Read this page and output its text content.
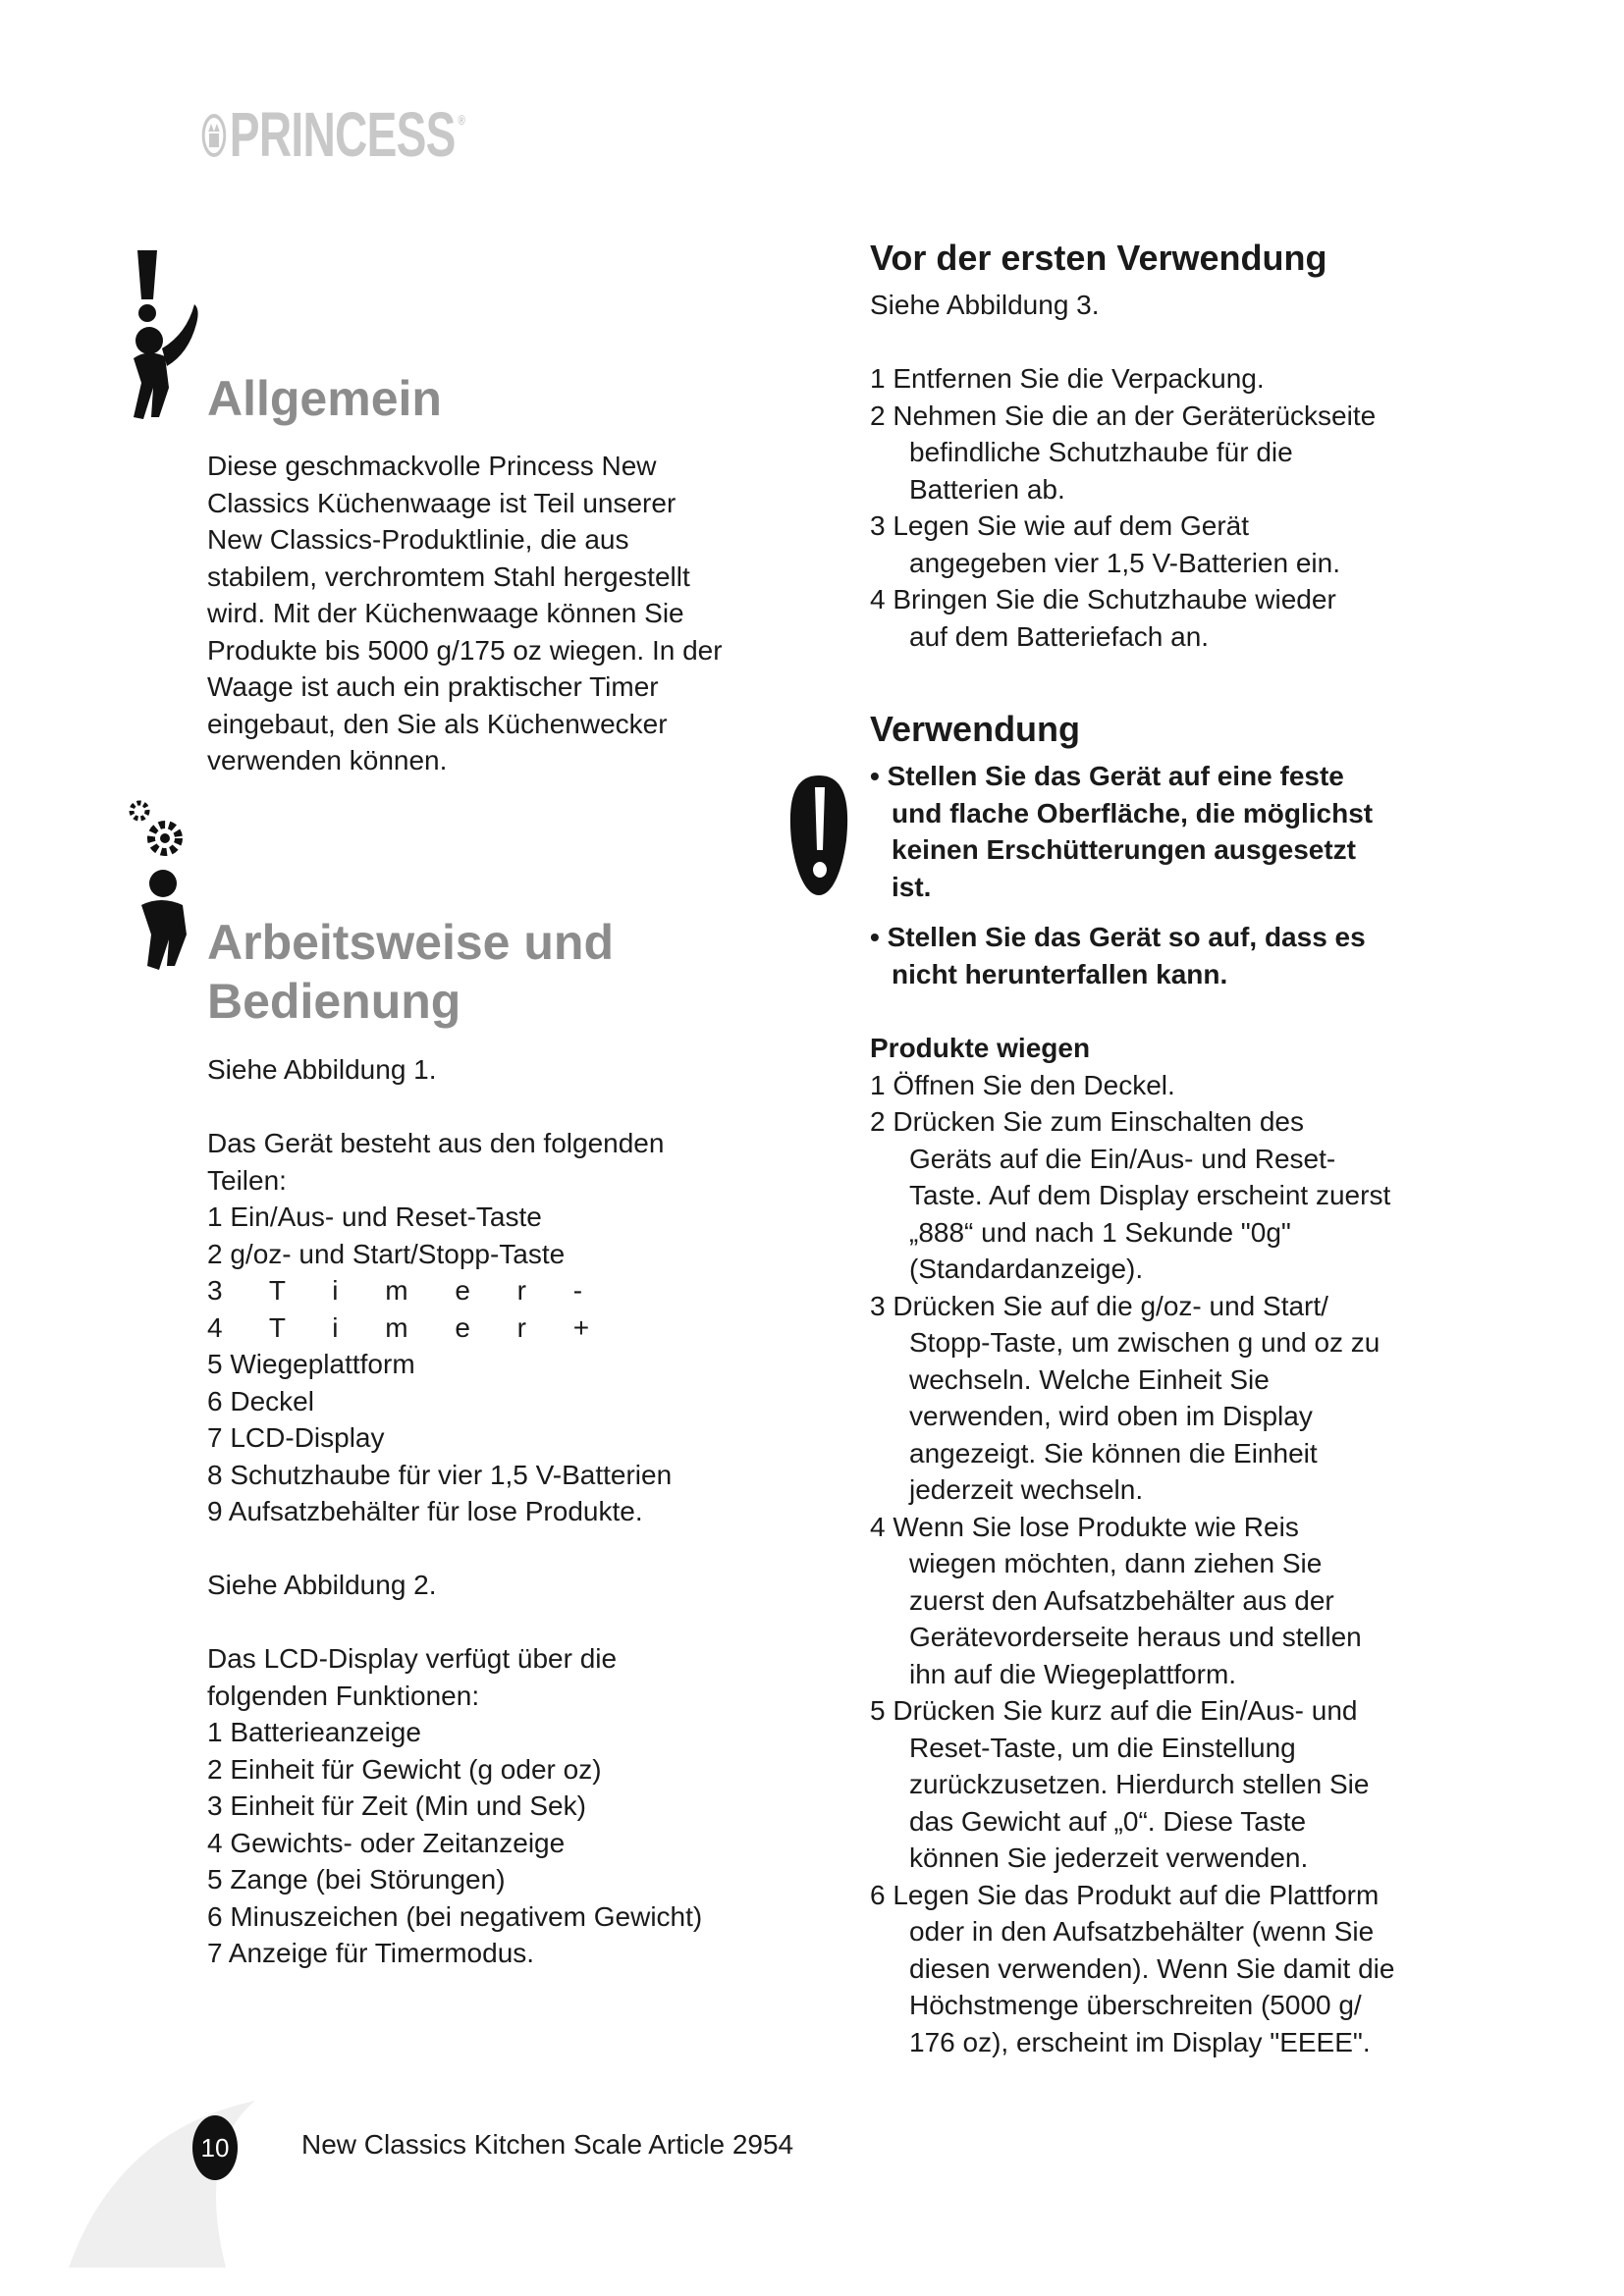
PRINCESS ®
Allgemein

Diese geschmackvolle Princess New

Classics Küchenwaage ist Teil unserer

New Classics-Produktlinie, die aus

stabilem, verchromtem Stahl hergestellt

wird. Mit der Küchenwaage können Sie

Produkte bis 5000 g/175 oz wiegen. In der

Waage ist auch ein praktischer Timer

eingebaut, den Sie als Küchenwecker

verwenden können.

Arbeitsweise und
Bedienung

Siehe Abbildung 1.

Das Gerät besteht aus den folgenden

Teilen:

1 Ein/Aus- und Reset-Taste

2 g/oz- und Start/Stopp-Taste

3 T i m e r -

4 T i m e r +

5 Wiegeplattform

6 Deckel

7 LCD-Display

8 Schutzhaube für vier 1,5 V-Batterien

9 Aufsatzbehälter für lose Produkte.

Siehe Abbildung 2.

Das LCD-Display verfügt über die

folgenden Funktionen:

1 Batterieanzeige

2 Einheit für Gewicht (g oder oz)

3 Einheit für Zeit (Min und Sek)

4 Gewichts- oder Zeitanzeige

5 Zange (bei Störungen)

6 Minuszeichen (bei negativem Gewicht)

7 Anzeige für Timermodus.

Vor der ersten Verwendung

Siehe Abbildung 3.

1 Entfernen Sie die Verpackung.

2 Nehmen Sie die an der Geräterückseite

befindliche Schutzhaube für die

Batterien ab.

3 Legen Sie wie auf dem Gerät

angegeben vier 1,5 V-Batterien ein.

4 Bringen Sie die Schutzhaube wieder

auf dem Batteriefach an.

Verwendung

• Stellen Sie das Gerät auf eine feste

und flache Oberfläche, die möglichst

keinen Erschütterungen ausgesetzt

ist.

• Stellen Sie das Gerät so auf, dass es

nicht herunterfallen kann.

Produkte wiegen

1 Öffnen Sie den Deckel.

2 Drücken Sie zum Einschalten des

Geräts auf die Ein/Aus- und Reset-

Taste. Auf dem Display erscheint zuerst

„888“ und nach 1 Sekunde "0g"

(Standardanzeige).

3 Drücken Sie auf die g/oz- und Start/

Stopp-Taste, um zwischen g und oz zu

wechseln. Welche Einheit Sie

verwenden, wird oben im Display

angezeigt. Sie können die Einheit

jederzeit wechseln.

4 Wenn Sie lose Produkte wie Reis

wiegen möchten, dann ziehen Sie

zuerst den Aufsatzbehälter aus der

Gerätevorderseite heraus und stellen

ihn auf die Wiegeplattform.

5 Drücken Sie kurz auf die Ein/Aus- und

Reset-Taste, um die Einstellung

zurückzusetzen. Hierdurch stellen Sie

das Gewicht auf „0“. Diese Taste

können Sie jederzeit verwenden.

6 Legen Sie das Produkt auf die Plattform

oder in den Aufsatzbehälter (wenn Sie

diesen verwenden). Wenn Sie damit die

Höchstmenge überschreiten (5000 g/

176 oz), erscheint im Display "EEEE".

10	New Classics Kitchen Scale Article 2954
